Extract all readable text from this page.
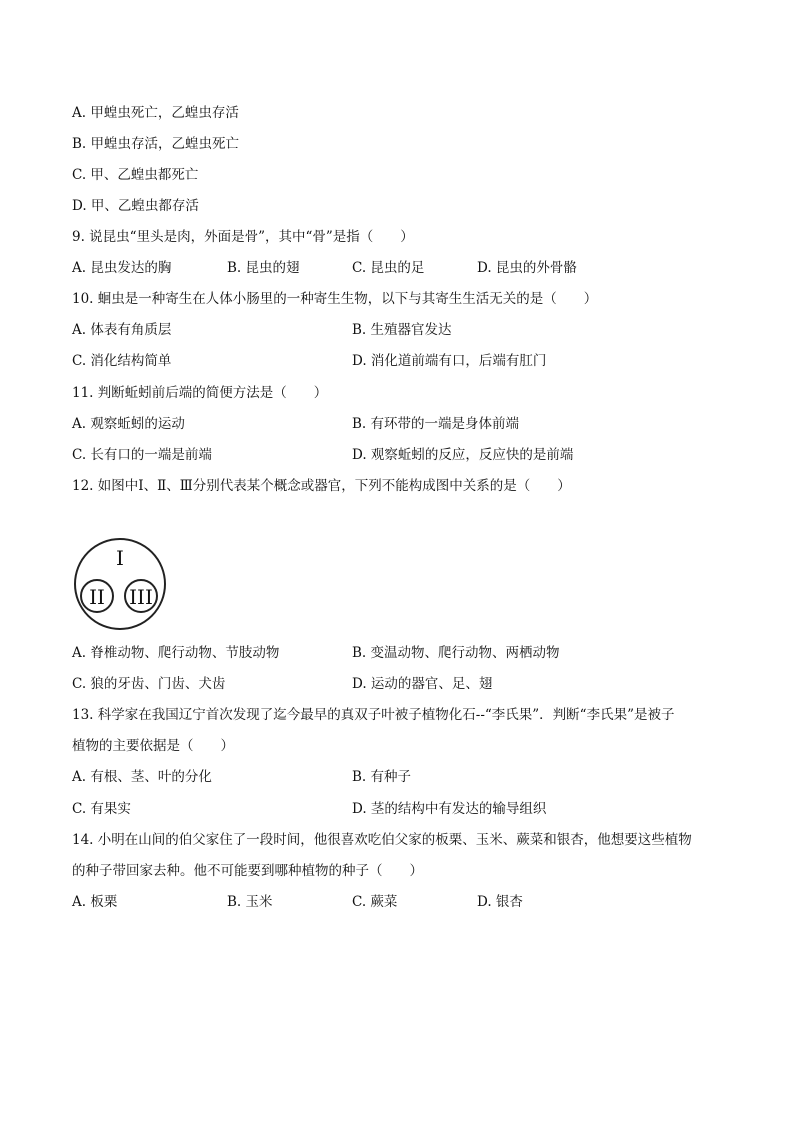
A. 甲蝗虫死亡，乙蝗虫存活
B. 甲蝗虫存活，乙蝗虫死亡
C. 甲、乙蝗虫都死亡
D. 甲、乙蝗虫都存活
9. 说昆虫“里头是肉，外面是骨”，其中“骨”是指（　　）
A. 昆虫发达的胸	B. 昆虫的翅	C. 昆虫的足	D. 昆虫的外骨骼
10. 蛔虫是一种寄生在人体小肠里的一种寄生生物，以下与其寄生生活无关的是（　　）
A. 体表有角质层	B. 生殖器官发达
C. 消化结构简单	D. 消化道前端有口，后端有肛门
11. 判断蚯蚓前后端的简便方法是（　　）
A. 观察蚯蚓的运动	B. 有环带的一端是身体前端
C. 长有口的一端是前端	D. 观察蚯蚓的反应，反应快的是前端
12. 如图中Ⅰ、Ⅱ、Ⅲ分别代表某个概念或器官，下列不能构成图中关系的是（　　）
I
II III
A. 脊椎动物、爬行动物、节肢动物	B. 变温动物、爬行动物、两栖动物
C. 狼的牙齿、门齿、犬齿	D. 运动的器官、足、翅
13. 科学家在我国辽宁首次发现了迄今最早的真双子叶被子植物化石--“李氏果”．判断“李氏果”是被子
植物的主要依据是（　　）
A. 有根、茎、叶的分化	B. 有种子
C. 有果实	D. 茎的结构中有发达的输导组织
14. 小明在山间的伯父家住了一段时间，他很喜欢吃伯父家的板栗、玉米、蕨菜和银杏，他想要这些植物
的种子带回家去种。他不可能要到哪种植物的种子（　　）
A. 板栗	B. 玉米	C. 蕨菜	D. 银杏
